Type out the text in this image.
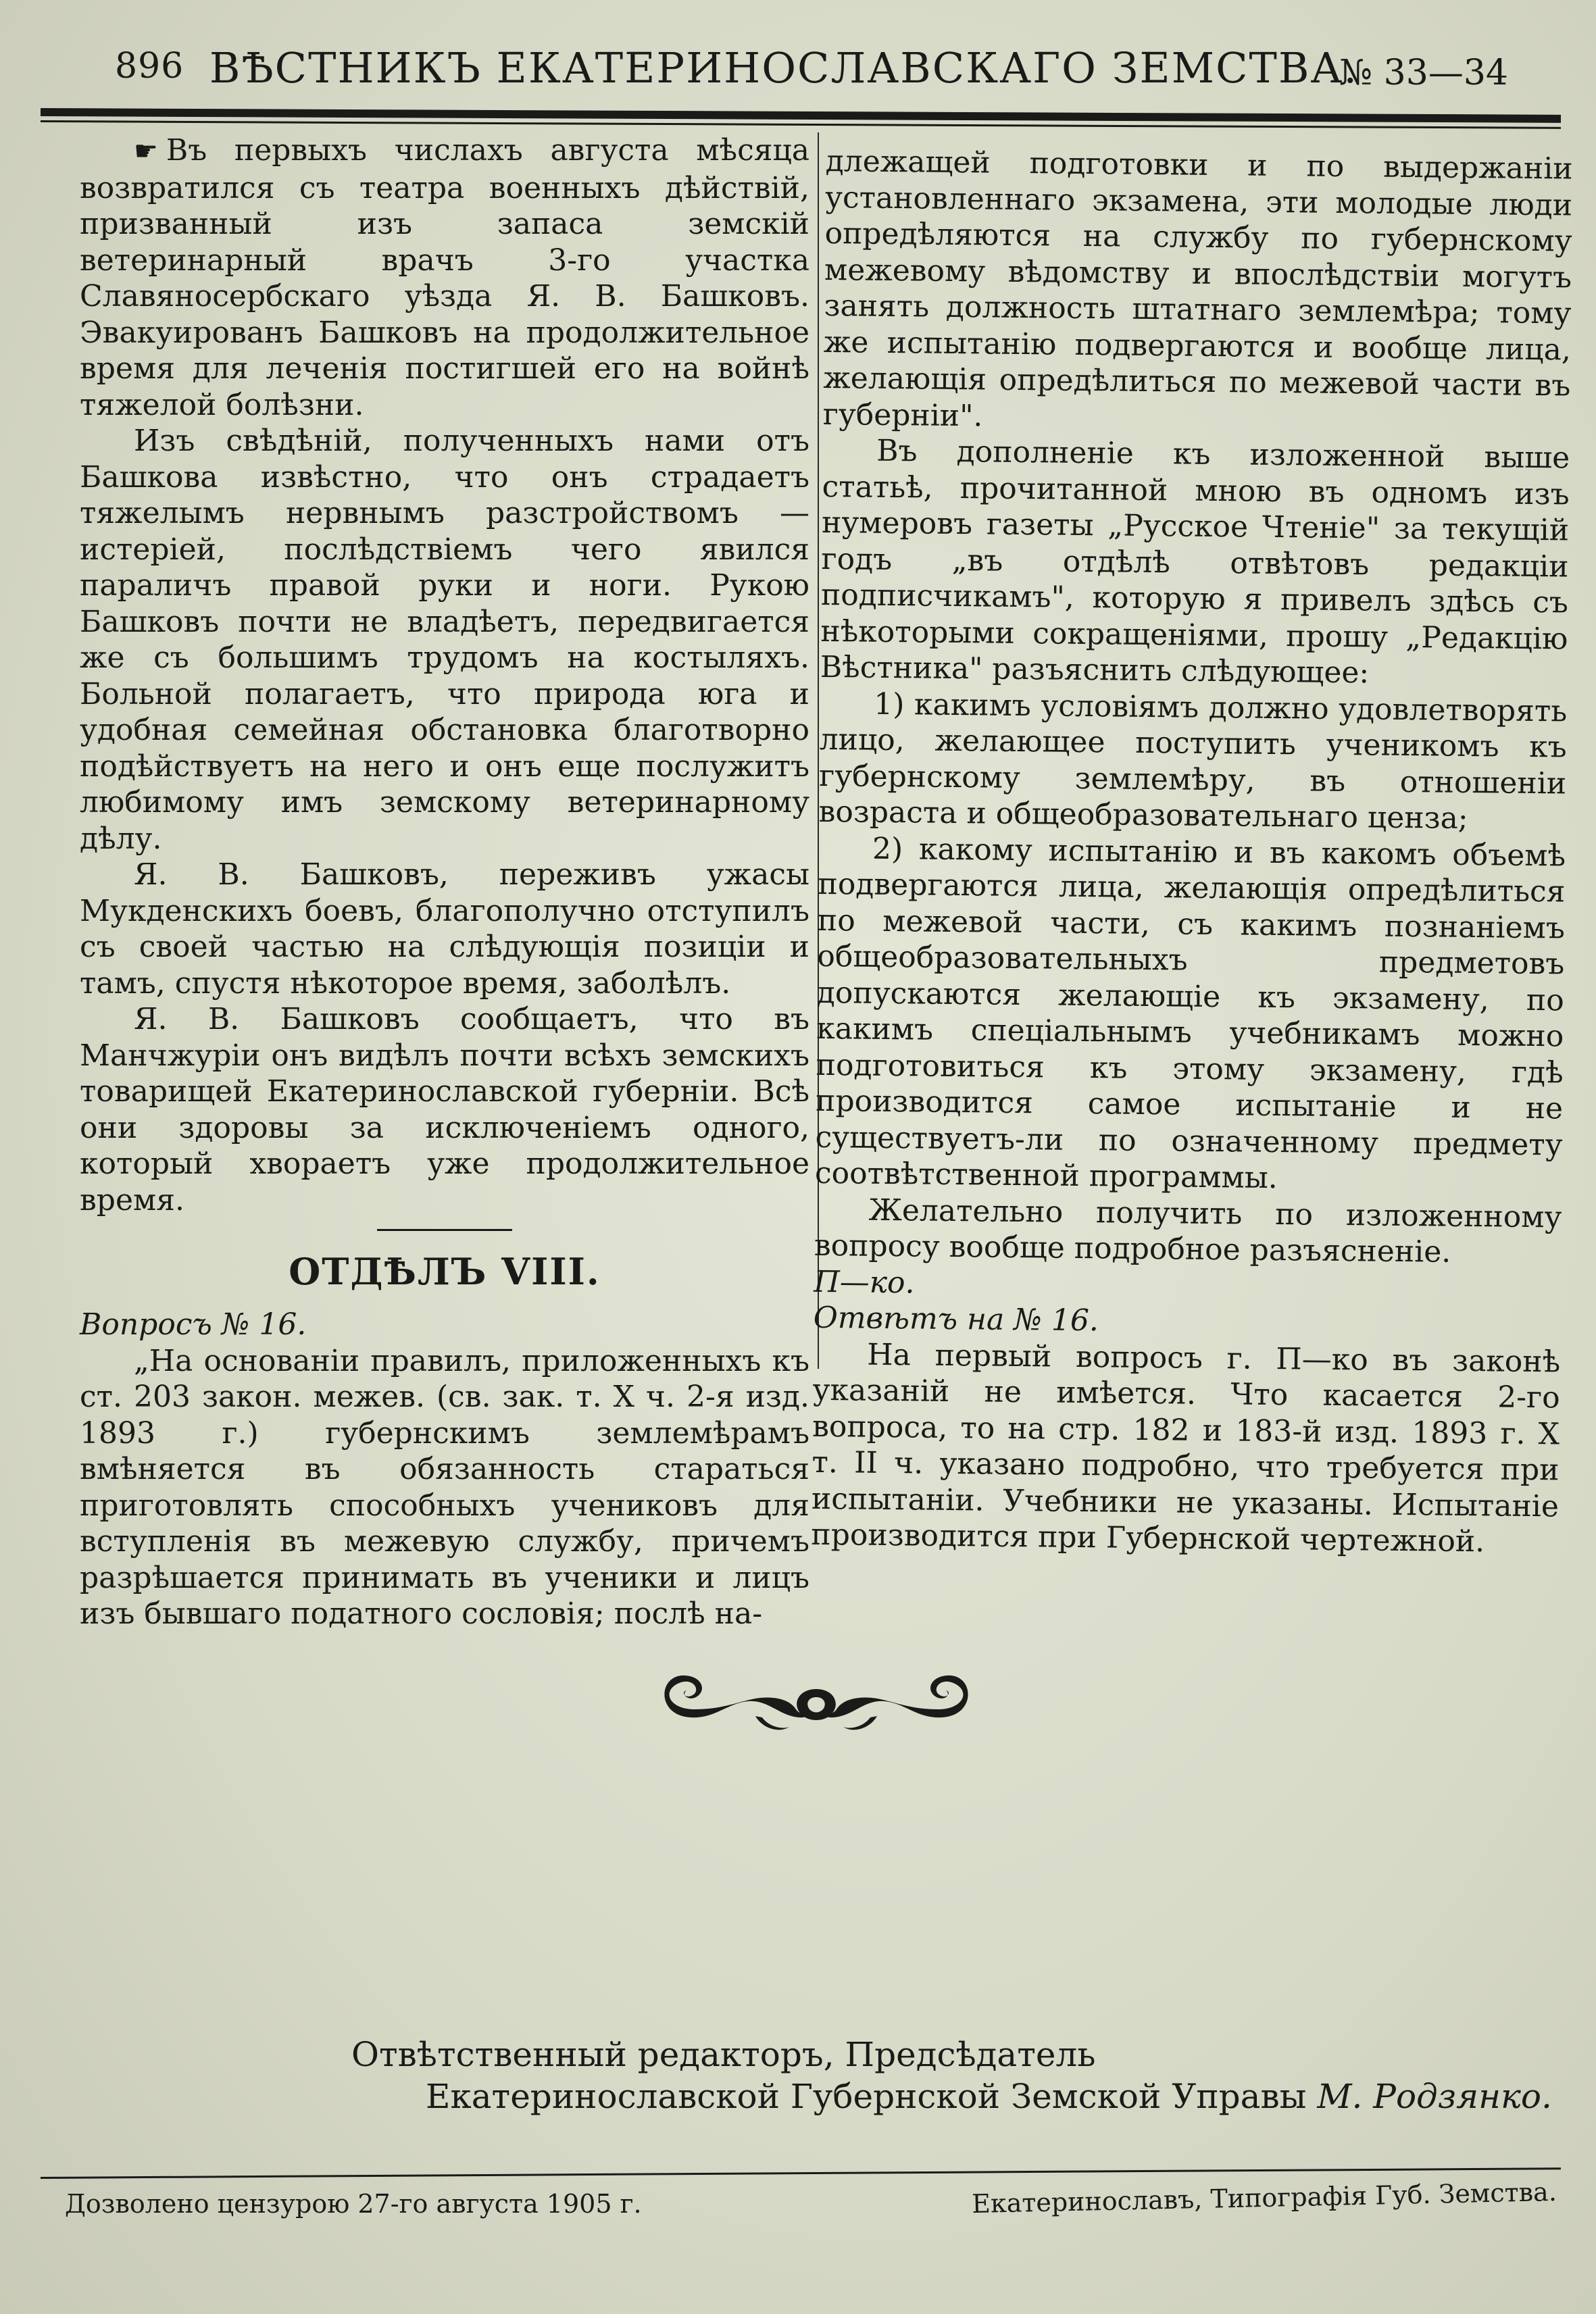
896 ВѢСТНИКЪ ЕКАТЕРИНОСЛАВСКАГО ЗЕМСТВА.
№ 33—34

☛ Въ первыхъ числахъ августа мѣсяца возвратился съ театра военныхъ дѣйствій, призванный изъ запаса земскій ветеринарный врачъ 3-го участка Славяносербскаго уѣзда Я. В. Башковъ. Эвакуированъ Башковъ на продолжительное время для леченія постигшей его на войнѣ тяжелой болѣзни.

Изъ свѣдѣній, полученныхъ нами отъ Башкова извѣстно, что онъ страдаетъ тяжелымъ нервнымъ разстройствомъ — истеріей, послѣдствіемъ чего явился параличъ правой руки и ноги. Рукою Башковъ почти не владѣетъ, передвигается же съ большимъ трудомъ на костыляхъ. Больной полагаетъ, что природа юга и удобная семейная обстановка благотворно подѣйствуетъ на него и онъ еще послужитъ любимому имъ земскому ветеринарному дѣлу.

Я. В. Башковъ, переживъ ужасы Мукденскихъ боевъ, благополучно отступилъ съ своей частью на слѣдующія позиціи и тамъ, спустя нѣкоторое время, заболѣлъ.

Я. В. Башковъ сообщаетъ, что въ Манчжуріи онъ видѣлъ почти всѣхъ земскихъ товарищей Екатеринославской губерніи. Всѣ они здоровы за исключеніемъ одного, который хвораетъ уже продолжительное время.

ОТДѢЛЪ VIII.

Вопросъ № 16.

„На основаніи правилъ, приложенныхъ къ ст. 203 закон. межев. (св. зак. т. X ч. 2-я изд. 1893 г.) губернскимъ землемѣрамъ вмѣняется въ обязанность стараться приготовлять способныхъ учениковъ для вступленія въ межевую службу, причемъ разрѣшается принимать въ ученики и лицъ изъ бывшаго податного сословія; послѣ на-

длежащей подготовки и по выдержаніи установленнаго экзамена, эти молодые люди опредѣляются на службу по губернскому межевому вѣдомству и впослѣдствіи могутъ занять должность штатнаго землемѣра; тому же испытанію подвергаются и вообще лица, желающія опредѣлиться по межевой части въ губерніи".

Въ дополненіе къ изложенной выше статьѣ, прочитанной мною въ одномъ изъ нумеровъ газеты „Русское Чтеніе" за текущій годъ „въ отдѣлѣ отвѣтовъ редакціи подписчикамъ", которую я привелъ здѣсь съ нѣкоторыми сокращеніями, прошу „Редакцію Вѣстника" разъяснить слѣдующее:

1) какимъ условіямъ должно удовлетворять лицо, желающее поступить ученикомъ къ губернскому землемѣру, въ отношеніи возраста и общеобразовательнаго ценза;

2) какому испытанію и въ какомъ объемѣ подвергаются лица, желающія опредѣлиться по межевой части, съ какимъ познаніемъ общеобразовательныхъ предметовъ допускаются желающіе къ экзамену, по какимъ спеціальнымъ учебникамъ можно подготовиться къ этому экзамену, гдѣ производится самое испытаніе и не существуетъ-ли по означенному предмету соотвѣтственной программы.

Желательно получить по изложенному вопросу вообще подробное разъясненіе.

П—ко.

Отвѣтъ на № 16.

На первый вопросъ г. П—ко въ законѣ указаній не имѣется. Что касается 2-го вопроса, то на стр. 182 и 183-й изд. 1893 г. X т. II ч. указано подробно, что требуется при испытаніи. Учебники не указаны. Испытаніе производится при Губернской чертежной.

Отвѣтственный редакторъ, Предсѣдатель
Екатеринославской Губернской Земской Управы М. Родзянко.
Дозволено цензурою 27-го августа 1905 г.	Екатеринославъ, Типографія Губ. Земства.
